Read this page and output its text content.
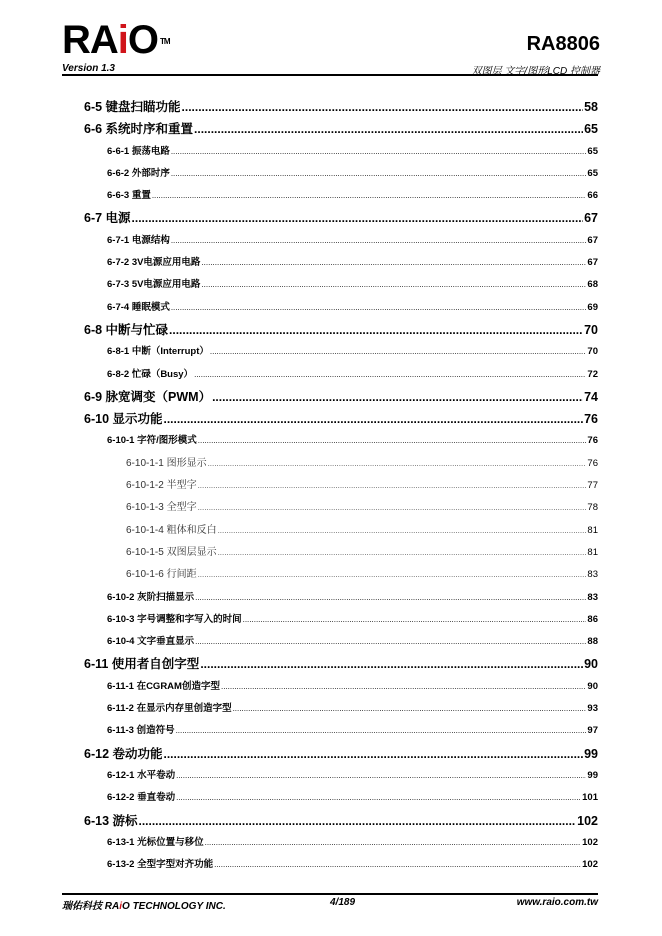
RAiO ™
Version 1.3
RA8806
双图层 文字/图形LCD 控制器
6-5 键盘扫瞄功能 .....	58
6-6 系统时序和重置 .....	65
6-6-1 振荡电路 .....	65
6-6-2 外部时序 .....	65
6-6-3 重置 .....	66
6-7 电源 .....	67
6-7-1 电源结构 .....	67
6-7-2 3V电源应用电路 .....	67
6-7-3 5V电源应用电路 .....	68
6-7-4 睡眠模式 .....	69
6-8 中断与忙碌 .....	70
6-8-1 中断（Interrupt） .....	70
6-8-2 忙碌（Busy） .....	72
6-9 脉宽调变（PWM） .....	74
6-10 显示功能 .....	76
6-10-1 字符/图形模式 .....	76
6-10-1-1 图形显示 .....	76
6-10-1-2 半型字 .....	77
6-10-1-3 全型字 .....	78
6-10-1-4 粗体和反白 .....	81
6-10-1-5 双图层显示 .....	81
6-10-1-6 行间距 .....	83
6-10-2 灰阶扫描显示 .....	83
6-10-3 字号调整和字写入的时间 .....	86
6-10-4 文字垂直显示 .....	88
6-11 使用者自创字型 .....	90
6-11-1 在CGRAM创造字型 .....	90
6-11-2 在显示内存里创造字型 .....	93
6-11-3 创造符号 .....	97
6-12 卷动功能 .....	99
6-12-1 水平卷动 .....	99
6-12-2 垂直卷动 .....	101
6-13 游标 .....	102
6-13-1 光标位置与移位 .....	102
6-13-2 全型字型对齐功能 .....	102
瑞佑科技 RAiO TECHNOLOGY INC.	4/189	www.raio.com.tw
